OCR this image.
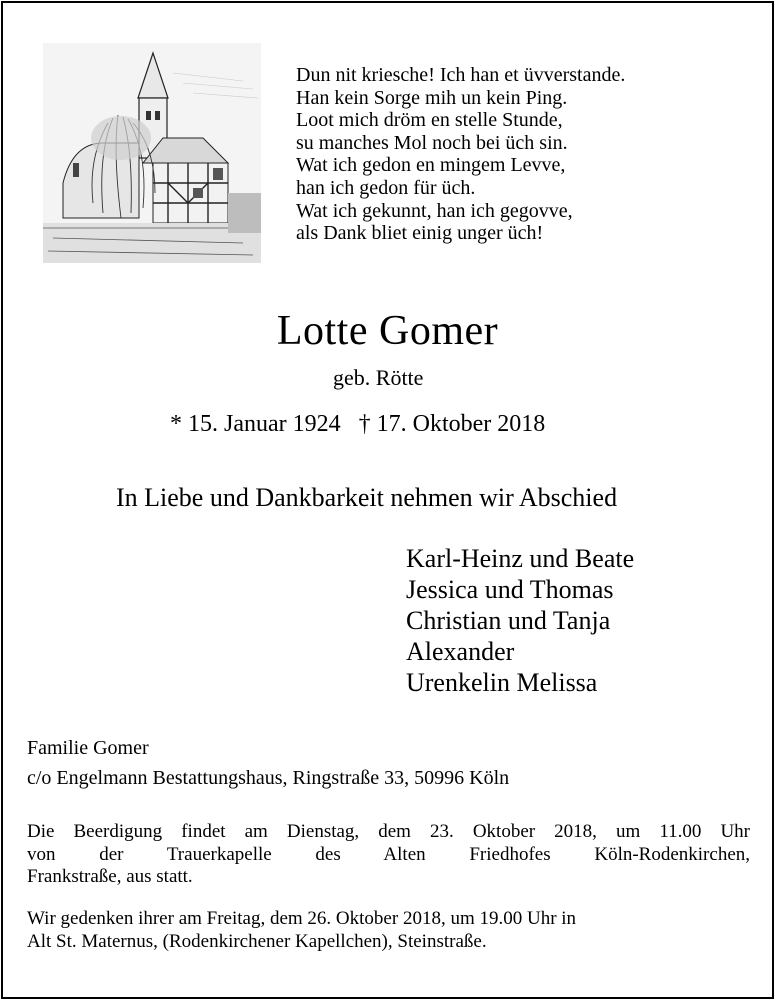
Dun nit kriesche! Ich han et üvverstande.
Han kein Sorge mih un kein Ping.
Loot mich dröm en stelle Stunde,
su manches Mol noch bei üch sin.
Wat ich gedon en mingem Levve,
han ich gedon für üch.
Wat ich gekunnt, han ich gegovve,
als Dank bliet einig unger üch!
Lotte Gomer
geb. Rötte
* 15. Januar 1924 † 17. Oktober 2018
In Liebe und Dankbarkeit nehmen wir Abschied
Karl-Heinz und Beate
Jessica und Thomas
Christian und Tanja
Alexander
Urenkelin Melissa
Familie Gomer
c/o Engelmann Bestattungshaus, Ringstraße 33, 50996 Köln
Die Beerdigung findet am Dienstag, dem 23. Oktober 2018, um 11.00 Uhr
von der Trauerkapelle des Alten Friedhofes Köln-Rodenkirchen,
Frankstraße, aus statt.
Wir gedenken ihrer am Freitag, dem 26. Oktober 2018, um 19.00 Uhr in
Alt St. Maternus, (Rodenkirchener Kapellchen), Steinstraße.
